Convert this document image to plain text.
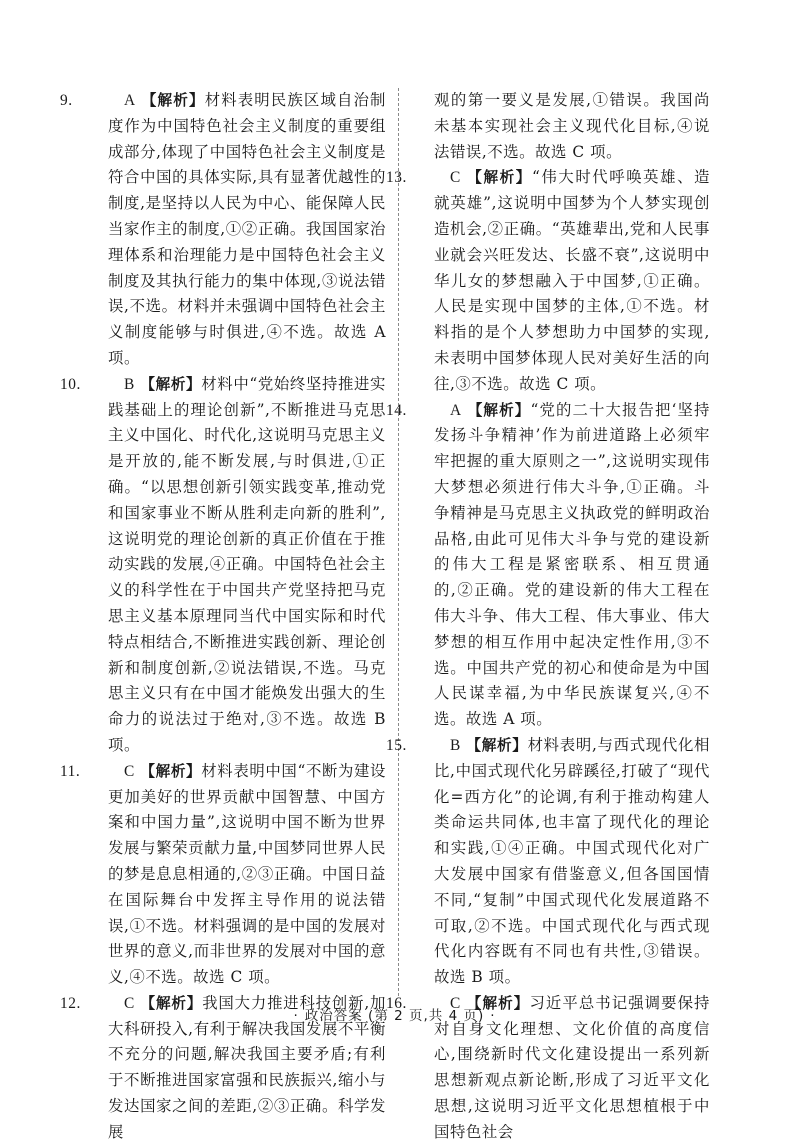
9.	A 【解析】材料表明民族区域自治制度作为中国特色社会主义制度的重要组成部分,体现了中国特色社会主义制度是符合中国的具体实际,具有显著优越性的制度,是坚持以人民为中心、能保障人民当家作主的制度,①②正确。我国国家治理体系和治理能力是中国特色社会主义制度及其执行能力的集中体现,③说法错误,不选。材料并未强调中国特色社会主义制度能够与时俱进,④不选。故选 A 项。
10.	B 【解析】材料中“党始终坚持推进实践基础上的理论创新”,不断推进马克思主义中国化、时代化,这说明马克思主义是开放的,能不断发展,与时俱进,①正确。“以思想创新引领实践变革,推动党和国家事业不断从胜利走向新的胜利”,这说明党的理论创新的真正价值在于推动实践的发展,④正确。中国特色社会主义的科学性在于中国共产党坚持把马克思主义基本原理同当代中国实际和时代特点相结合,不断推进实践创新、理论创新和制度创新,②说法错误,不选。马克思主义只有在中国才能焕发出强大的生命力的说法过于绝对,③不选。故选 B 项。
11.	C 【解析】材料表明中国“不断为建设更加美好的世界贡献中国智慧、中国方案和中国力量”,这说明中国不断为世界发展与繁荣贡献力量,中国梦同世界人民的梦是息息相通的,②③正确。中国日益在国际舞台中发挥主导作用的说法错误,①不选。材料强调的是中国的发展对世界的意义,而非世界的发展对中国的意义,④不选。故选 C 项。
12.	C 【解析】我国大力推进科技创新,加大科研投入,有利于解决我国发展不平衡不充分的问题,解决我国主要矛盾;有利于不断推进国家富强和民族振兴,缩小与发达国家之间的差距,②③正确。科学发展
观的第一要义是发展,①错误。我国尚未基本实现社会主义现代化目标,④说法错误,不选。故选 C 项。
13.	C 【解析】“伟大时代呼唤英雄、造就英雄”,这说明中国梦为个人梦实现创造机会,②正确。“英雄辈出,党和人民事业就会兴旺发达、长盛不衰”,这说明中华儿女的梦想融入于中国梦,①正确。人民是实现中国梦的主体,①不选。材料指的是个人梦想助力中国梦的实现,未表明中国梦体现人民对美好生活的向往,③不选。故选 C 项。
14.	A 【解析】“党的二十大报告把‘坚持发扬斗争精神’作为前进道路上必须牢牢把握的重大原则之一”,这说明实现伟大梦想必须进行伟大斗争,①正确。斗争精神是马克思主义执政党的鲜明政治品格,由此可见伟大斗争与党的建设新的伟大工程是紧密联系、相互贯通的,②正确。党的建设新的伟大工程在伟大斗争、伟大工程、伟大事业、伟大梦想的相互作用中起决定性作用,③不选。中国共产党的初心和使命是为中国人民谋幸福,为中华民族谋复兴,④不选。故选 A 项。
15.	B 【解析】材料表明,与西式现代化相比,中国式现代化另辟蹊径,打破了“现代化=西方化”的论调,有利于推动构建人类命运共同体,也丰富了现代化的理论和实践,①④正确。中国式现代化对广大发展中国家有借鉴意义,但各国国情不同,“复制”中国式现代化发展道路不可取,②不选。中国式现代化与西式现代化内容既有不同也有共性,③错误。故选 B 项。
16.	C 【解析】习近平总书记强调要保持对自身文化理想、文化价值的高度信心,围绕新时代文化建设提出一系列新思想新观点新论断,形成了习近平文化思想,这说明习近平文化思想植根于中国特色社会
· 政治答案 (第 2 页,共 4 页) ·
